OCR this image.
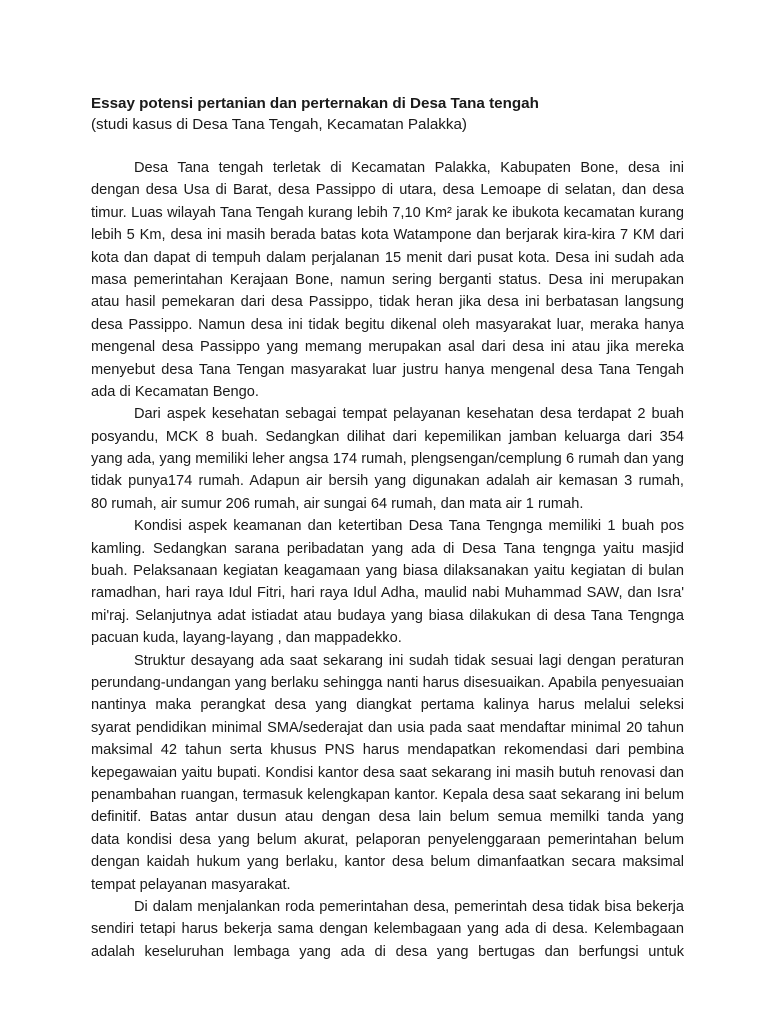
Essay potensi pertanian dan perternakan di Desa Tana tengah

(studi kasus di Desa Tana Tengah, Kecamatan Palakka)

Desa Tana tengah terletak di Kecamatan Palakka, Kabupaten Bone, desa ini
dengan desa Usa di Barat, desa Passippo di utara, desa Lemoape di selatan, dan desa
timur. Luas wilayah Tana Tengah kurang lebih 7,10 Km² jarak ke ibukota kecamatan kurang
lebih 5 Km, desa ini masih berada batas kota Watampone dan berjarak kira-kira 7 KM dari
kota dan dapat di tempuh dalam perjalanan 15 menit dari pusat kota. Desa ini sudah ada
masa pemerintahan Kerajaan Bone, namun sering berganti status. Desa ini merupakan
atau hasil pemekaran dari desa Passippo, tidak heran jika desa ini berbatasan langsung
desa Passippo. Namun desa ini tidak begitu dikenal oleh masyarakat luar, meraka hanya
mengenal desa Passippo yang memang merupakan asal dari desa ini atau jika mereka
menyebut desa Tana Tengan masyarakat luar justru hanya mengenal desa Tana Tengah
ada di Kecamatan Bengo.
Dari aspek kesehatan sebagai tempat pelayanan kesehatan desa terdapat 2 buah
posyandu, MCK 8 buah. Sedangkan dilihat dari kepemilikan jamban keluarga dari 354
yang ada, yang memiliki leher angsa 174 rumah, plengsengan/cemplung 6 rumah dan yang
tidak punya174 rumah. Adapun air bersih yang digunakan adalah air kemasan 3 rumah,
80 rumah, air sumur 206 rumah, air sungai 64 rumah, dan mata air 1 rumah.
Kondisi aspek keamanan dan ketertiban Desa Tana Tengnga memiliki 1 buah pos
kamling. Sedangkan sarana peribadatan yang ada di Desa Tana tengnga yaitu masjid
buah. Pelaksanaan kegiatan keagamaan yang biasa dilaksanakan yaitu kegiatan di bulan
ramadhan, hari raya Idul Fitri, hari raya Idul Adha, maulid nabi Muhammad SAW, dan Isra'
mi'raj. Selanjutnya adat istiadat atau budaya yang biasa dilakukan di desa Tana Tengnga
pacuan kuda, layang-layang , dan mappadekko.
Struktur desayang ada saat sekarang ini sudah tidak sesuai lagi dengan peraturan
perundang-undangan yang berlaku sehingga nanti harus disesuaikan. Apabila penyesuaian
nantinya maka perangkat desa yang diangkat pertama kalinya harus melalui seleksi
syarat pendidikan minimal SMA/sederajat dan usia pada saat mendaftar minimal 20 tahun
maksimal 42 tahun serta khusus PNS harus mendapatkan rekomendasi dari pembina
kepegawaian yaitu bupati. Kondisi kantor desa saat sekarang ini masih butuh renovasi dan
penambahan ruangan, termasuk kelengkapan kantor. Kepala desa saat sekarang ini belum
definitif. Batas antar dusun atau dengan desa lain belum semua memilki tanda yang
data kondisi desa yang belum akurat, pelaporan penyelenggaraan pemerintahan belum
dengan kaidah hukum yang berlaku, kantor desa belum dimanfaatkan secara maksimal
tempat pelayanan masyarakat.
Di dalam menjalankan roda pemerintahan desa, pemerintah desa tidak bisa bekerja
sendiri tetapi harus bekerja sama dengan kelembagaan yang ada di desa. Kelembagaan
adalah keseluruhan lembaga yang ada di desa yang bertugas dan berfungsi untuk
